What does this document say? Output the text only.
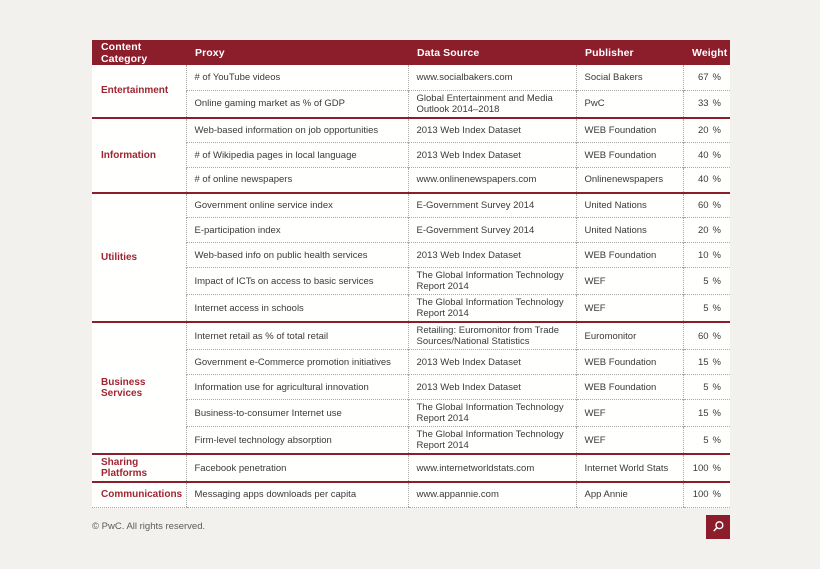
Content Category	Proxy	Data Source	Publisher	Weight
Entertainment	# of YouTube videos	www.socialbakers.com	Social Bakers	67 %
	Online gaming market as % of GDP	Global Entertainment and Media Outlook 2014–2018	PwC	33 %
Information	Web-based information on job opportunities	2013 Web Index Dataset	WEB Foundation	20 %
	# of Wikipedia pages in local language	2013 Web Index Dataset	WEB Foundation	40 %
	# of online newspapers	www.onlinenewspapers.com	Onlinenewspapers	40 %
Utilities	Government online service index	E-Government Survey 2014	United Nations	60 %
	E-participation index	E-Government Survey 2014	United Nations	20 %
	Web-based info on public health services	2013 Web Index Dataset	WEB Foundation	10 %
	Impact of ICTs on access to basic services	The Global Information Technology Report 2014	WEF	5 %
	Internet access in schools	The Global Information Technology Report 2014	WEF	5 %
Business Services	Internet retail as % of total retail	Retailing: Euromonitor from Trade Sources/National Statistics	Euromonitor	60 %
	Government e-Commerce promotion initiatives	2013 Web Index Dataset	WEB Foundation	15 %
	Information use for agricultural innovation	2013 Web Index Dataset	WEB Foundation	5 %
	Business-to-consumer Internet use	The Global Information Technology Report 2014	WEF	15 %
	Firm-level technology absorption	The Global Information Technology Report 2014	WEF	5 %
Sharing Platforms	Facebook penetration	www.internetworldstats.com	Internet World Stats	100 %
Communications	Messaging apps downloads per capita	www.appannie.com	App Annie	100 %
© PwC. All rights reserved.
